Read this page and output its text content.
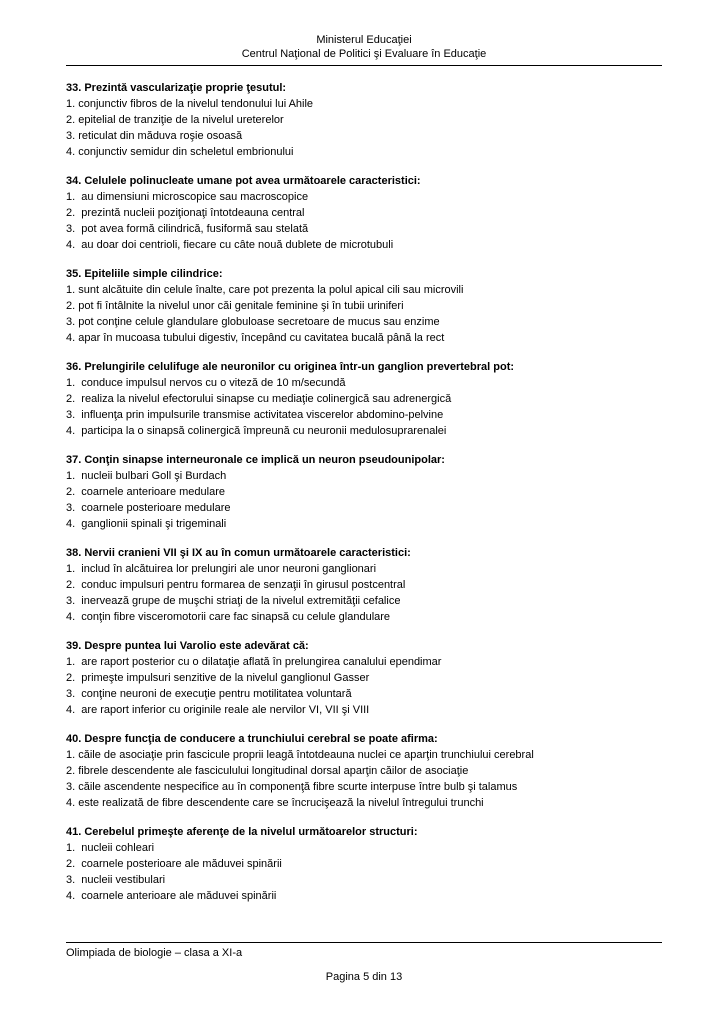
Ministerul Educaţiei

Centrul Naţional de Politici şi Evaluare în Educaţie

33. Prezintă vascularizaţie proprie ţesutul:

1. conjunctiv fibros de la nivelul tendonului lui Ahile

2. epitelial de tranziţie de la nivelul ureterelor

3. reticulat din măduva roşie osoasă

4. conjunctiv semidur din scheletul embrionului

34. Celulele polinucleate umane pot avea următoarele caracteristici:

1.  au dimensiuni microscopice sau macroscopice

2.  prezintă nucleii poziţionaţi întotdeauna central

3.  pot avea formă cilindrică, fusiformă sau stelată

4.  au doar doi centrioli, fiecare cu câte nouă dublete de microtubuli

35. Epiteliile simple cilindrice:

1. sunt alcătuite din celule înalte, care pot prezenta la polul apical cili sau microvili

2. pot fi întâlnite la nivelul unor căi genitale feminine şi în tubii uriniferi

3. pot conţine celule glandulare globuloase secretoare de mucus sau enzime

4. apar în mucoasa tubului digestiv, începând cu cavitatea bucală până la rect

36. Prelungirile celulifuge ale neuronilor cu originea într-un ganglion prevertebral pot:

1.  conduce impulsul nervos cu o viteză de 10 m/secundă

2.  realiza la nivelul efectorului sinapse cu mediaţie colinergică sau adrenergică

3.  influenţa prin impulsurile transmise activitatea viscerelor abdomino-pelvine

4.  participa la o sinapsă colinergică împreună cu neuronii medulosuprarenalei

37. Conţin sinapse interneuronale ce implică un neuron pseudounipolar:

1.  nucleii bulbari Goll şi Burdach

2.  coarnele anterioare medulare

3.  coarnele posterioare medulare

4.  ganglionii spinali şi trigeminali

38. Nervii cranieni VII şi IX au în comun următoarele caracteristici:

1.  includ în alcătuirea lor prelungiri ale unor neuroni ganglionari

2.  conduc impulsuri pentru formarea de senzaţii în girusul postcentral

3.  inervează grupe de muşchi striaţi de la nivelul extremităţii cefalice

4.  conţin fibre visceromotorii care fac sinapsă cu celule glandulare

39. Despre puntea lui Varolio este adevărat că:

1.  are raport posterior cu o dilataţie aflată în prelungirea canalului ependimar

2.  primeşte impulsuri senzitive de la nivelul ganglionul Gasser

3.  conţine neuroni de execuţie pentru motilitatea voluntară

4.  are raport inferior cu originile reale ale nervilor VI, VII şi VIII

40. Despre funcţia de conducere a trunchiului cerebral se poate afirma:

1. căile de asociaţie prin fascicule proprii leagă întotdeauna nuclei ce aparţin trunchiului cerebral

2. fibrele descendente ale fasciculului longitudinal dorsal aparţin căilor de asociaţie

3. căile ascendente nespecifice au în componenţă fibre scurte interpuse între bulb şi talamus

4. este realizată de fibre descendente care se încrucişează la nivelul întregului trunchi

41. Cerebelul primeşte aferenţe de la nivelul următoarelor structuri:

1.  nucleii cohleari

2.  coarnele posterioare ale măduvei spinării

3.  nucleii vestibulari

4.  coarnele anterioare ale măduvei spinării

Olimpiada de biologie – clasa a XI-a

Pagina 5 din 13
